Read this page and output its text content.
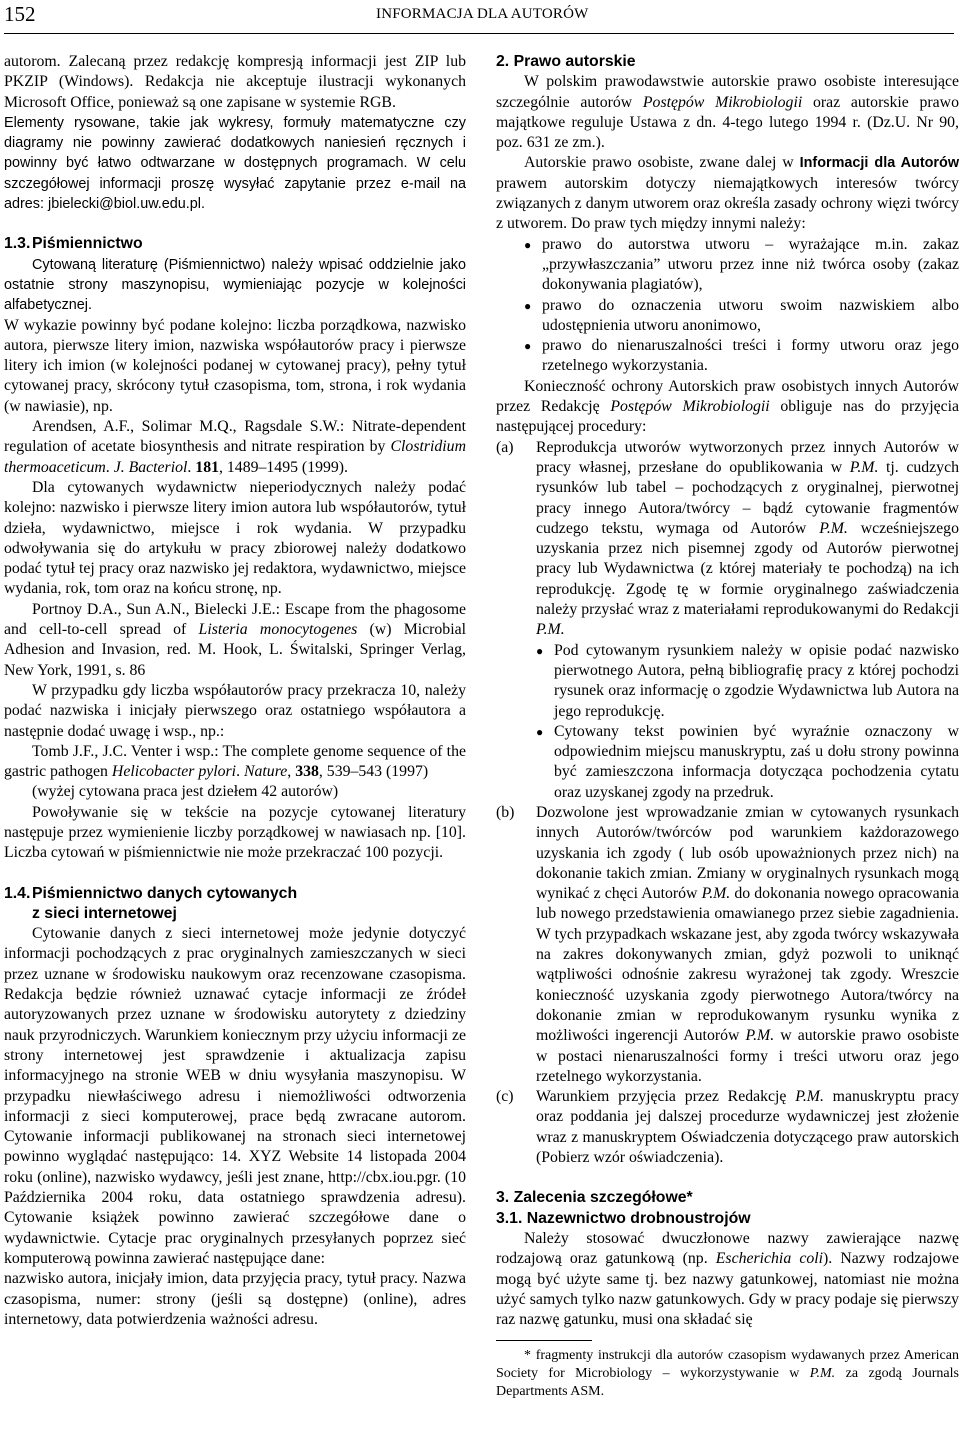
152	INFORMACJA DLA AUTORÓW

autorom. Zalecaną przez redakcję kompresją informacji jest ZIP lub PKZIP (Windows). Redakcja nie akceptuje ilustracji wykonanych Microsoft Office, ponieważ są one zapisane w systemie RGB.

Elementy rysowane, takie jak wykresy, formuły matematyczne czy diagramy nie powinny zawierać dodatkowych naniesień ręcznych i powinny być łatwo odtwarzane w dostępnych programach. W celu szczegółowej informacji proszę wysyłać zapytanie przez e-mail na adres: jbielecki@biol.uw.edu.pl.

1.3. Piśmiennictwo

Cytowaną literaturę (Piśmiennictwo) należy wpisać oddzielnie jako ostatnie strony maszynopisu, wymieniając pozycje w kolejności alfabetycznej.

W wykazie powinny być podane kolejno: liczba porządkowa, nazwisko autora, pierwsze litery imion, nazwiska współautorów pracy i pierwsze litery ich imion (w kolejności podanej w cytowanej pracy), pełny tytuł cytowanej pracy, skrócony tytuł czasopisma, tom, strona, i rok wydania (w nawiasie), np.

Arendsen, A.F., Solimar M.Q., Ragsdale S.W.: Nitrate-dependent regulation of acetate biosynthesis and nitrate respiration by Clostridium thermoaceticum. J. Bacteriol. 181, 1489–1495 (1999).

Dla cytowanych wydawnictw nieperiodycznych należy podać kolejno: nazwisko i pierwsze litery imion autora lub współautorów, tytuł dzieła, wydawnictwo, miejsce i rok wydania. W przypadku odwoływania się do artykułu w pracy zbiorowej należy dodatkowo podać tytuł tej pracy oraz nazwisko jej redaktora, wydawnictwo, miejsce wydania, rok, tom oraz na końcu stronę, np.

Portnoy D.A., Sun A.N., Bielecki J.E.: Escape from the phagosome and cell-to-cell spread of Listeria monocytogenes (w) Microbial Adhesion and Invasion, red. M. Hook, L. Świtalski, Springer Verlag, New York, 1991, s. 86

W przypadku gdy liczba współautorów pracy przekracza 10, należy podać nazwiska i inicjały pierwszego oraz ostatniego współautora a następnie dodać uwagę i wsp., np.:

Tomb J.F., J.C. Venter i wsp.: The complete genome sequence of the gastric pathogen Helicobacter pylori. Nature, 338, 539–543 (1997)

(wyżej cytowana praca jest dziełem 42 autorów)

Powoływanie się w tekście na pozycje cytowanej literatury następuje przez wymienienie liczby porządkowej w nawiasach np. [10]. Liczba cytowań w piśmiennictwie nie może przekraczać 100 pozycji.

1.4. Piśmiennictwo danych cytowanych
z sieci internetowej

Cytowanie danych z sieci internetowej może jedynie dotyczyć informacji pochodzących z prac oryginalnych zamieszczanych w sieci przez uznane w środowisku naukowym oraz recenzowane czasopisma. Redakcja będzie również uznawać cytacje informacji ze źródeł autoryzowanych przez uznane w środowisku autorytety z dziedziny nauk przyrodniczych. Warunkiem koniecznym przy użyciu informacji ze strony internetowej jest sprawdzenie i aktualizacja zapisu informacyjnego na stronie WEB w dniu wysyłania maszynopisu. W przypadku niewłaściwego adresu i niemożliwości odtworzenia informacji z sieci komputerowej, prace będą zwracane autorom. Cytowanie informacji publikowanej na stronach sieci internetowej powinno wyglądać następująco: 14. XYZ Website 14 listopada 2004 roku (online), nazwisko wydawcy, jeśli jest znane, http://cbx.iou.pgr. (10 Października 2004 roku, data ostatniego sprawdzenia adresu). Cytowanie książek powinno zawierać szczegółowe dane o wydawnictwie. Cytacje prac oryginalnych przesyłanych poprzez sieć komputerową powinna zawierać następujące dane:

nazwisko autora, inicjały imion, data przyjęcia pracy, tytuł pracy. Nazwa czasopisma, numer: strony (jeśli są dostępne) (online), adres internetowy, data potwierdzenia ważności adresu.

2. Prawo autorskie

W polskim prawodawstwie autorskie prawo osobiste interesujące szczególnie autorów Postępów Mikrobiologii oraz autorskie prawo majątkowe reguluje Ustawa z dn. 4-tego lutego 1994 r. (Dz.U. Nr 90, poz. 631 ze zm.).

Autorskie prawo osobiste, zwane dalej w Informacji dla Autorów prawem autorskim dotyczy niemajątkowych interesów twórcy związanych z danym utworem oraz określa zasady ochrony więzi twórcy z utworem. Do praw tych między innymi należy:

● prawo do autorstwa utworu – wyrażające m.in. zakaz „przywłaszczania” utworu przez inne niż twórca osoby (zakaz dokonywania plagiatów),

● prawo do oznaczenia utworu swoim nazwiskiem albo udostępnienia utworu anonimowo,

● prawo do nienaruszalności treści i formy utworu oraz jego rzetelnego wykorzystania.

Konieczność ochrony Autorskich praw osobistych innych Autorów przez Redakcję Postępów Mikrobiologii obliguje nas do przyjęcia następującej procedury:

(a)	Reprodukcja utworów wytworzonych przez innych Autorów w pracy własnej, przesłane do opublikowania w P.M. tj. cudzych rysunków lub tabel – pochodzących z oryginalnej, pierwotnej pracy innego Autora/twórcy – bądź cytowanie fragmentów cudzego tekstu, wymaga od Autorów P.M. wcześniejszego uzyskania przez nich pisemnej zgody od Autorów pierwotnej pracy lub Wydawnictwa (z której materiały te pochodzą) na ich reprodukcję. Zgodę tę w formie oryginalnego zaświadczenia należy przysłać wraz z materiałami reprodukowanymi do Redakcji P.M.

● Pod cytowanym rysunkiem należy w opisie podać nazwisko pierwotnego Autora, pełną bibliografię pracy z której pochodzi rysunek oraz informację o zgodzie Wydawnictwa lub Autora na jego reprodukcję.

● Cytowany tekst powinien być wyraźnie oznaczony w odpowiednim miejscu manuskryptu, zaś u dołu strony powinna być zamieszczona informacja dotycząca pochodzenia cytatu oraz uzyskanej zgody na przedruk.

(b)	Dozwolone jest wprowadzanie zmian w cytowanych rysunkach innych Autorów/twórców pod warunkiem każdorazowego uzyskania ich zgody ( lub osób upoważnionych przez nich) na dokonanie takich zmian. Zmiany w oryginalnych rysunkach mogą wynikać z chęci Autorów P.M. do dokonania nowego opracowania lub nowego przedstawienia omawianego przez siebie zagadnienia. W tych przypadkach wskazane jest, aby zgoda twórcy wskazywała na zakres dokonywanych zmian, gdyż pozwoli to uniknąć wątpliwości odnośnie zakresu wyrażonej tak zgody. Wreszcie konieczność uzyskania zgody pierwotnego Autora/twórcy na dokonanie zmian w reprodukowanym rysunku wynika z możliwości ingerencji Autorów P.M. w autorskie prawo osobiste w postaci nienaruszalności formy i treści utworu oraz jego rzetelnego wykorzystania.

(c)	Warunkiem przyjęcia przez Redakcję P.M. manuskryptu pracy oraz poddania jej dalszej procedurze wydawniczej jest złożenie wraz z manuskryptem Oświadczenia dotyczącego praw autorskich (Pobierz wzór oświadczenia).

3. Zalecenia szczegółowe*
3.1. Nazewnictwo drobnoustrojów

Należy stosować dwuczłonowe nazwy zawierające nazwę rodzajową oraz gatunkową (np. Escherichia coli). Nazwy rodzajowe mogą być użyte same tj. bez nazwy gatunkowej, natomiast nie można użyć samych tylko nazw gatunkowych. Gdy w pracy podaje się pierwszy raz nazwę gatunku, musi ona składać się

* fragmenty instrukcji dla autorów czasopism wydawanych przez American Society for Microbiology – wykorzystywanie w P.M. za zgodą Journals Departments ASM.
